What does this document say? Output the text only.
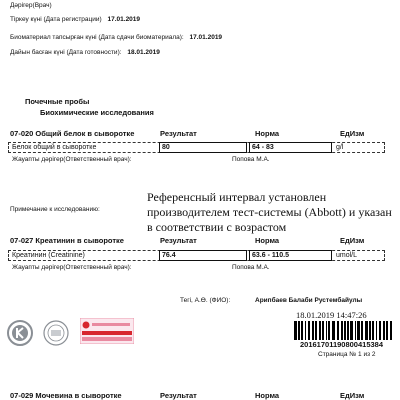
Дәрігер(Врач)
Тіркеу күні (Дата регистрации) 17.01.2019
Биоматериал тапсырған күні (Дата сдачи биоматериала): 17.01.2019
Дайын басған күні (Дата готовности): 18.01.2019
Почечные пробы
Биохимические исследования
07-020 Общий белок в сыворотке	Результат	Норма	ЕдИзм
Белок общий в сыворотке	80	64 - 83	g/l
Жауапты дәрігер(Ответственный врач):	Попова М.А.
Примечание к исследованию:
Референсный интервал установлен
производителем тест-системы (Abbott) и указан
в соответствии с возрастом
07-027 Креатинин в сыворотке	Результат	Норма	ЕдИзм
Креатинин (Creatinine)	76.4	63.6 - 110.5	umol/L
Жауапты дәрігер(Ответственный врач):	Попова М.А.
Тегі, А.Ө. (ФИО):	Арипбаев Балаби Рустембайулы
18.01.2019 14:47:26
20161701190800415384
Страница № 1 из 2
07-029 Мочевина в сыворотке	Результат	Норма	ЕдИзм
